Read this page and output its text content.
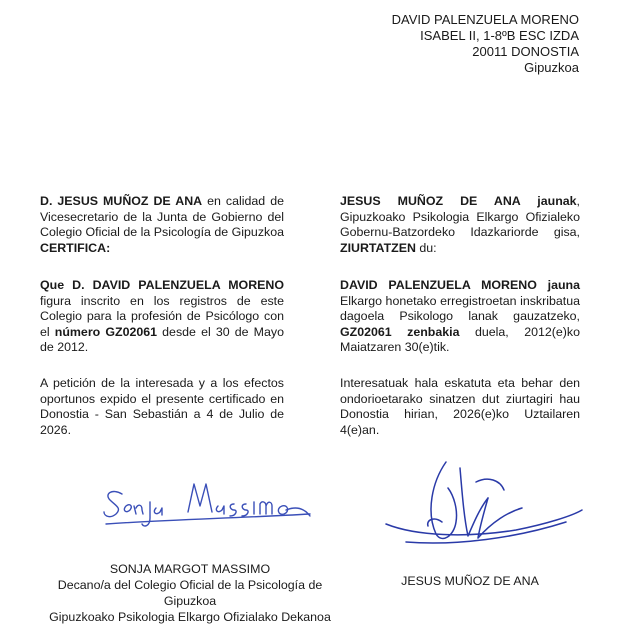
DAVID PALENZUELA MORENO
ISABEL II, 1-8ºB ESC IZDA
20011 DONOSTIA
Gipuzkoa

D. JESUS MUÑOZ DE ANA en calidad de Vicesecretario de la Junta de Gobierno del Colegio Oficial de la Psicología de Gipuzkoa CERTIFICA:

Que D. DAVID PALENZUELA MORENO figura inscrito en los registros de este Colegio para la profesión de Psicólogo con el número GZ02061 desde el 30 de Mayo de 2012.

A petición de la interesada y a los efectos oportunos expido el presente certificado en Donostia - San Sebastián a 4 de Julio de 2026.

JESUS MUÑOZ DE ANA jaunak, Gipuzkoako Psikologia Elkargo Ofizialeko Gobernu-Batzordeko Idazkariorde gisa, ZIURTATZEN du:

DAVID PALENZUELA MORENO jauna Elkargo honetako erregistroetan inskribatua dagoela Psikologo lanak gauzatzeko, GZ02061 zenbakia duela, 2012(e)ko Maiatzaren 30(e)tik.

Interesatuak hala eskatuta eta behar den ondorioetarako sinatzen dut ziurtagiri hau Donostia hirian, 2026(e)ko Uztailaren 4(e)an.

SONJA MARGOT MASSIMO
Decano/a del Colegio Oficial de la Psicología de
Gipuzkoa
Gipuzkoako Psikologia Elkargo Ofizialako Dekanoa
JESUS MUÑOZ DE ANA
